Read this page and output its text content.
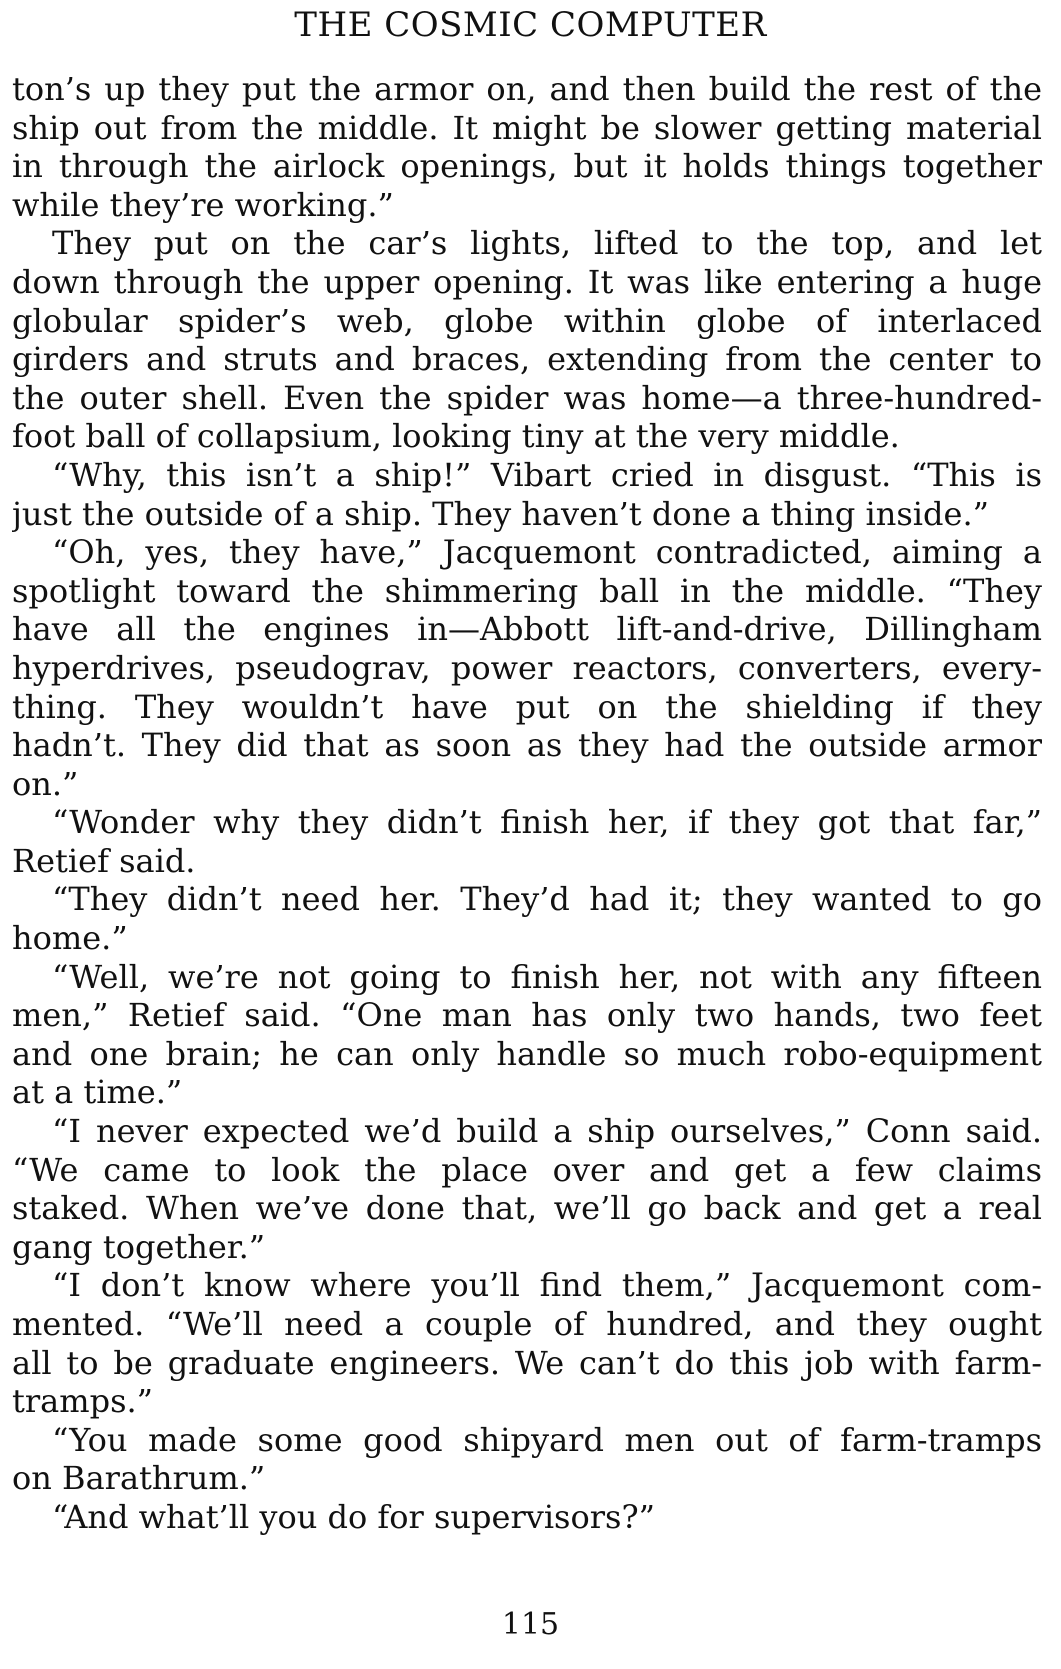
THE COSMIC COMPUTER
ton’s up they put the armor on, and then build the rest of the
ship out from the middle. It might be slower getting material
in through the airlock openings, but it holds things together
while they’re working.”
They put on the car’s lights, lifted to the top, and let
down through the upper opening. It was like entering a huge
globular spider’s web, globe within globe of interlaced
girders and struts and braces, extending from the center to
the outer shell. Even the spider was home—a three-hundred-
foot ball of collapsium, looking tiny at the very middle.
“Why, this isn’t a ship!” Vibart cried in disgust. “This is
just the outside of a ship. They haven’t done a thing inside.”
“Oh, yes, they have,” Jacquemont contradicted, aiming a
spotlight toward the shimmering ball in the middle. “They
have all the engines in—Abbott lift-and-drive, Dillingham
hyperdrives, pseudograv, power reactors, converters, every-
thing. They wouldn’t have put on the shielding if they
hadn’t. They did that as soon as they had the outside armor
on.”
“Wonder why they didn’t finish her, if they got that far,”
Retief said.
“They didn’t need her. They’d had it; they wanted to go
home.”
“Well, we’re not going to finish her, not with any fifteen
men,” Retief said. “One man has only two hands, two feet
and one brain; he can only handle so much robo-equipment
at a time.”
“I never expected we’d build a ship ourselves,” Conn said.
“We came to look the place over and get a few claims
staked. When we’ve done that, we’ll go back and get a real
gang together.”
“I don’t know where you’ll find them,” Jacquemont com-
mented. “We’ll need a couple of hundred, and they ought
all to be graduate engineers. We can’t do this job with farm-
tramps.”
“You made some good shipyard men out of farm-tramps
on Barathrum.”
“And what’ll you do for supervisors?”
115
